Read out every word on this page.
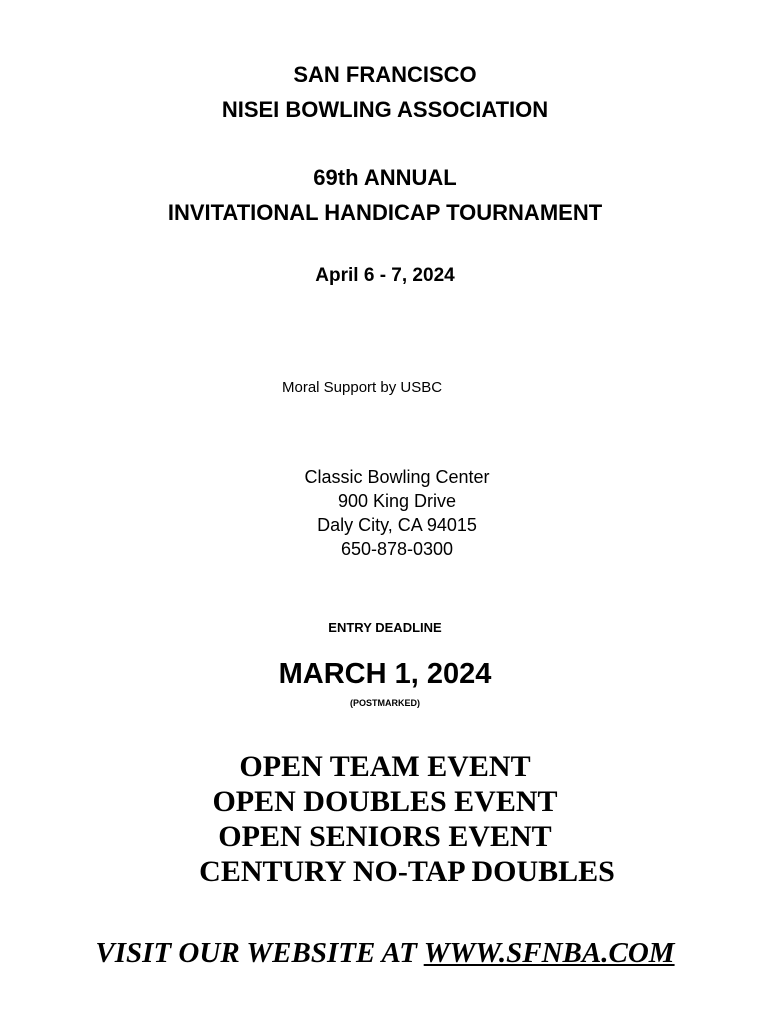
SAN FRANCISCO
NISEI BOWLING ASSOCIATION
69th ANNUAL
INVITATIONAL HANDICAP TOURNAMENT
April 6 - 7, 2024
Moral Support by USBC
Classic Bowling Center
900 King Drive
Daly City, CA 94015
650-878-0300
ENTRY DEADLINE
MARCH 1, 2024
(POSTMARKED)
OPEN TEAM EVENT
OPEN DOUBLES EVENT
OPEN SENIORS EVENT
CENTURY NO-TAP DOUBLES
VISIT OUR WEBSITE AT WWW.SFNBA.COM
